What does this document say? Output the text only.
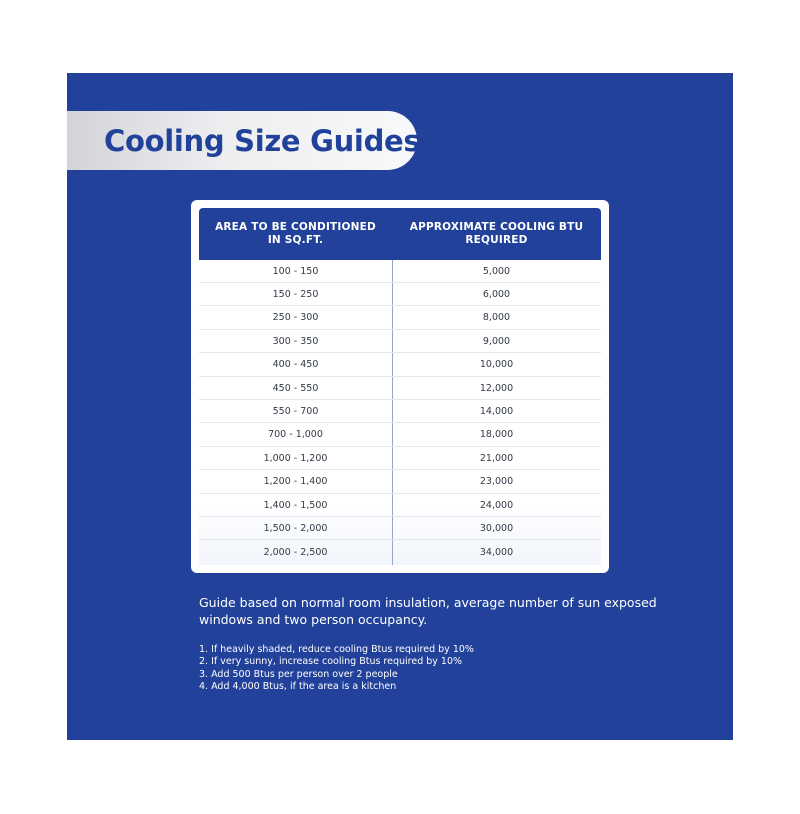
Cooling Size Guides
AREA TO BE CONDITIONED
IN SQ.FT.
APPROXIMATE COOLING BTU
REQUIRED
100 - 150	5,000
150 - 250	6,000
250 - 300	8,000
300 - 350	9,000
400 - 450	10,000
450 - 550	12,000
550 - 700	14,000
700 - 1,000	18,000
1,000 - 1,200	21,000
1,200 - 1,400	23,000
1,400 - 1,500	24,000
1,500 - 2,000	30,000
2,000 - 2,500	34,000
Guide based on normal room insulation, average number of sun exposed windows and two person occupancy.
1. If heavily shaded, reduce cooling Btus required by 10%
2. If very sunny, increase cooling Btus required by 10%
3. Add 500 Btus per person over 2 people
4. Add 4,000 Btus, if the area is a kitchen
